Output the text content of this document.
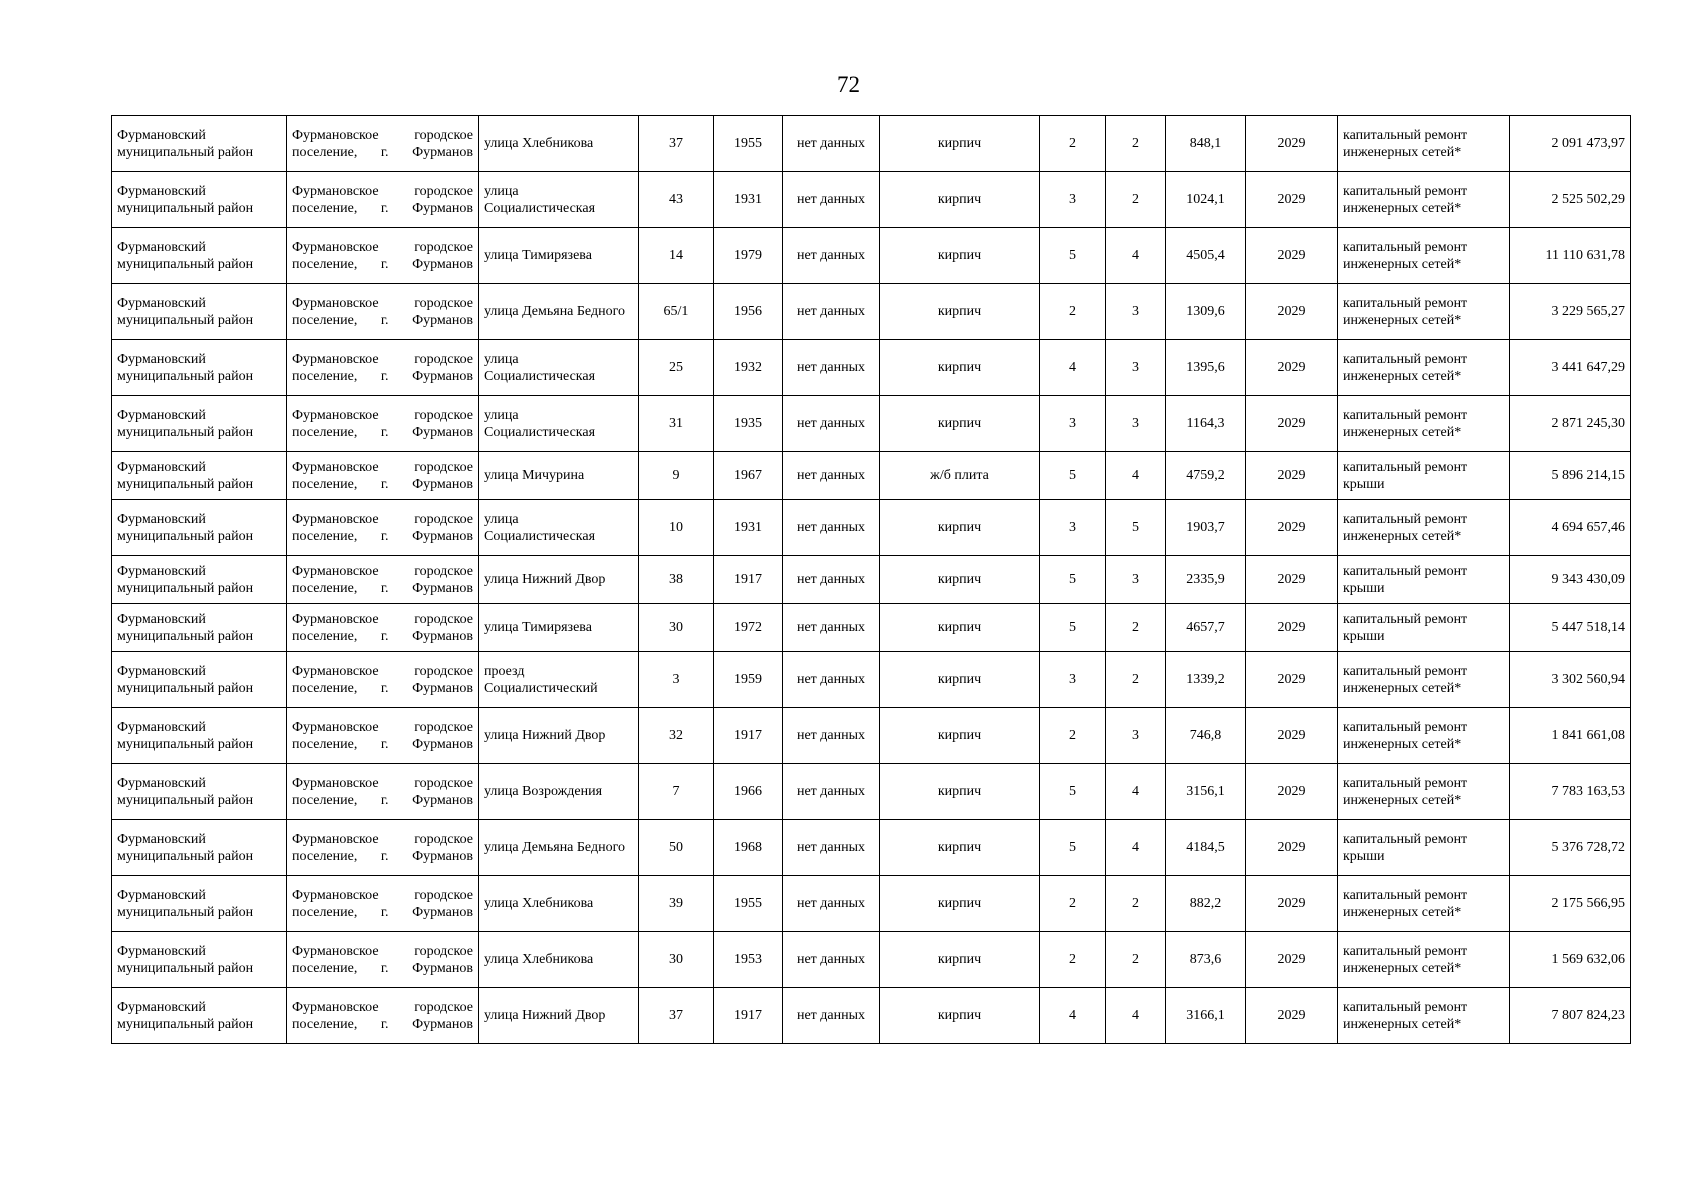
72
Фурмановский муниципальный район	Фурмановское городское поселение, г. Фурманов	улица Хлебникова	37	1955	нет данных	кирпич	2	2	848,1	2029	капитальный ремонт инженерных сетей*	2 091 473,97
Фурмановский муниципальный район	Фурмановское городское поселение, г. Фурманов	улица Социалистическая	43	1931	нет данных	кирпич	3	2	1024,1	2029	капитальный ремонт инженерных сетей*	2 525 502,29
Фурмановский муниципальный район	Фурмановское городское поселение, г. Фурманов	улица Тимирязева	14	1979	нет данных	кирпич	5	4	4505,4	2029	капитальный ремонт инженерных сетей*	11 110 631,78
Фурмановский муниципальный район	Фурмановское городское поселение, г. Фурманов	улица Демьяна Бедного	65/1	1956	нет данных	кирпич	2	3	1309,6	2029	капитальный ремонт инженерных сетей*	3 229 565,27
Фурмановский муниципальный район	Фурмановское городское поселение, г. Фурманов	улица Социалистическая	25	1932	нет данных	кирпич	4	3	1395,6	2029	капитальный ремонт инженерных сетей*	3 441 647,29
Фурмановский муниципальный район	Фурмановское городское поселение, г. Фурманов	улица Социалистическая	31	1935	нет данных	кирпич	3	3	1164,3	2029	капитальный ремонт инженерных сетей*	2 871 245,30
Фурмановский муниципальный район	Фурмановское городское поселение, г. Фурманов	улица Мичурина	9	1967	нет данных	ж/б плита	5	4	4759,2	2029	капитальный ремонт крыши	5 896 214,15
Фурмановский муниципальный район	Фурмановское городское поселение, г. Фурманов	улица Социалистическая	10	1931	нет данных	кирпич	3	5	1903,7	2029	капитальный ремонт инженерных сетей*	4 694 657,46
Фурмановский муниципальный район	Фурмановское городское поселение, г. Фурманов	улица Нижний Двор	38	1917	нет данных	кирпич	5	3	2335,9	2029	капитальный ремонт крыши	9 343 430,09
Фурмановский муниципальный район	Фурмановское городское поселение, г. Фурманов	улица Тимирязева	30	1972	нет данных	кирпич	5	2	4657,7	2029	капитальный ремонт крыши	5 447 518,14
Фурмановский муниципальный район	Фурмановское городское поселение, г. Фурманов	проезд Социалистический	3	1959	нет данных	кирпич	3	2	1339,2	2029	капитальный ремонт инженерных сетей*	3 302 560,94
Фурмановский муниципальный район	Фурмановское городское поселение, г. Фурманов	улица Нижний Двор	32	1917	нет данных	кирпич	2	3	746,8	2029	капитальный ремонт инженерных сетей*	1 841 661,08
Фурмановский муниципальный район	Фурмановское городское поселение, г. Фурманов	улица Возрождения	7	1966	нет данных	кирпич	5	4	3156,1	2029	капитальный ремонт инженерных сетей*	7 783 163,53
Фурмановский муниципальный район	Фурмановское городское поселение, г. Фурманов	улица Демьяна Бедного	50	1968	нет данных	кирпич	5	4	4184,5	2029	капитальный ремонт крыши	5 376 728,72
Фурмановский муниципальный район	Фурмановское городское поселение, г. Фурманов	улица Хлебникова	39	1955	нет данных	кирпич	2	2	882,2	2029	капитальный ремонт инженерных сетей*	2 175 566,95
Фурмановский муниципальный район	Фурмановское городское поселение, г. Фурманов	улица Хлебникова	30	1953	нет данных	кирпич	2	2	873,6	2029	капитальный ремонт инженерных сетей*	1 569 632,06
Фурмановский муниципальный район	Фурмановское городское поселение, г. Фурманов	улица Нижний Двор	37	1917	нет данных	кирпич	4	4	3166,1	2029	капитальный ремонт инженерных сетей*	7 807 824,23
